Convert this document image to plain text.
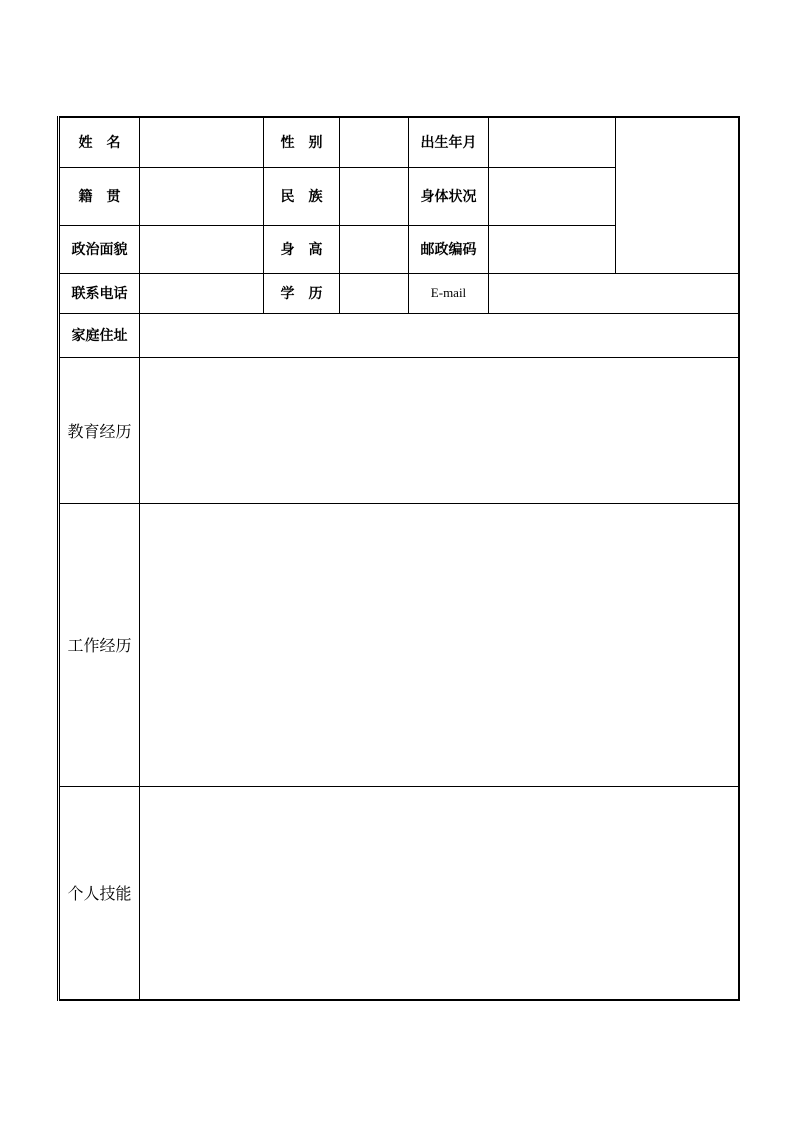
姓　名		性　别		出生年月		
籍　贯		民　族		身体状况		
政治面貌		身　高		邮政编码		
联系电话		学　历		E-mail		
家庭住址						
教育经历						
工作经历						
个人技能						
